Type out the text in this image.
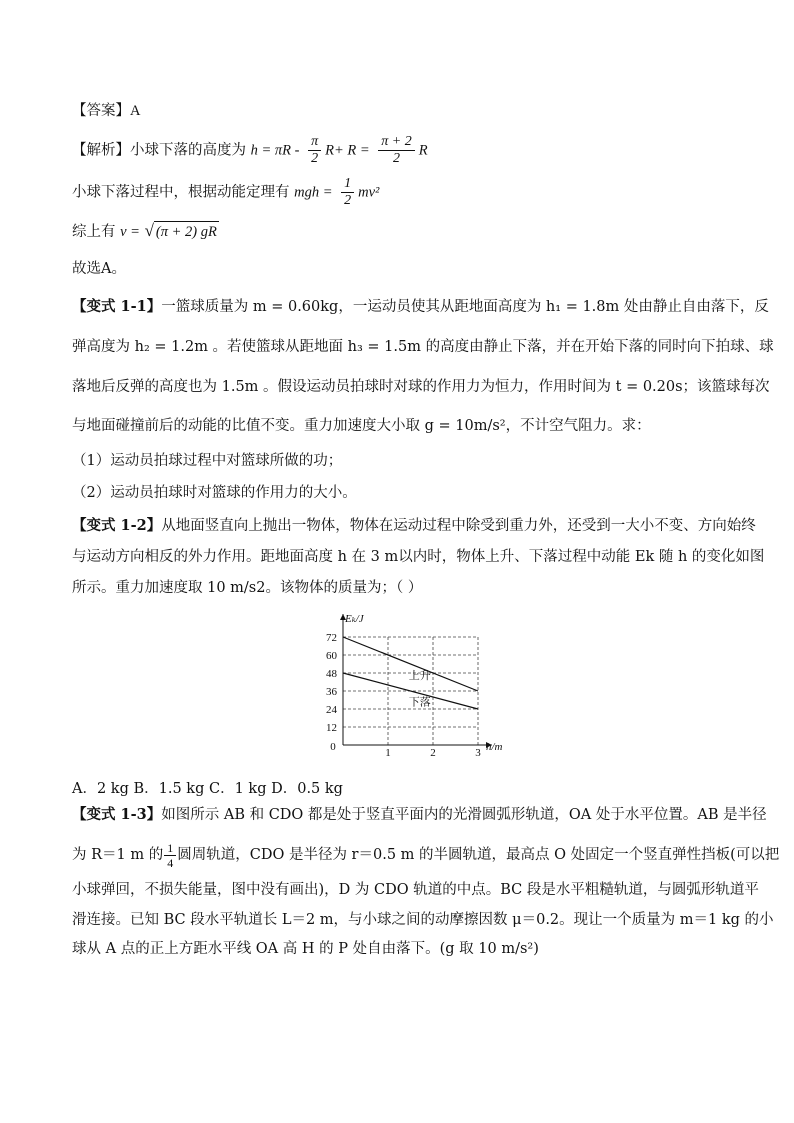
【答案】A
【解析】小球下落的高度为 $h = \pi R - \frac{\pi}{2} R+ R = \frac{\pi + 2}{2}$ R
小球下落过程中，根据动能定理有 mgh = $\frac{1}{2} mv^2$
综上有 v = √ (π + 2) gR
故选A。
【变式 1-1】一篮球质量为 m = 0.60kg，一运动员使其从距地面高度为 h₁ = 1.8m 处由静止自由落下，反
弹高度为 h₂ = 1.2m 。若使篮球从距地面 h₃ = 1.5m 的高度由静止下落，并在开始下落的同时向下拍球、球
落地后反弹的高度也为 1.5m 。假设运动员拍球时对球的作用力为恒力，作用时间为 t = 0.20s；该篮球每次
与地面碰撞前后的动能的比值不变。重力加速度大小取 g = 10m/s²，不计空气阻力。求：
（1）运动员拍球过程中对篮球所做的功；
（2）运动员拍球时对篮球的作用力的大小。
【变式 1-2】从地面竖直向上抛出一物体，物体在运动过程中除受到重力外，还受到一大小不变、方向始终
与运动方向相反的外力作用。距地面高度 h 在 3 m以内时，物体上升、下落过程中动能 Ek 随 h 的变化如图
所示。重力加速度取 10 m/s2。该物体的质量为；（ ）
1	2	3
12
24
36
48
60
72
0
Eₖ/J
h/m
上升
下落
A．2 kg B．1.5 kg C．1 kg D．0.5 kg
【变式 1-3】如图所示 AB 和 CDO 都是处于竖直平面内的光滑圆弧形轨道，OA 处于水平位置。AB 是半径
为 R＝1 m 的 $\frac{1}{4}$ 圆周轨道，CDO 是半径为 r＝0.5 m 的半圆轨道，最高点 O 处固定一个竖直弹性挡板(可以把
小球弹回，不损失能量，图中没有画出)，D 为 CDO 轨道的中点。BC 段是水平粗糙轨道，与圆弧形轨道平
滑连接。已知 BC 段水平轨道长 L＝2 m，与小球之间的动摩擦因数 μ＝0.2。现让一个质量为 m＝1 kg 的小
球从 A 点的正上方距水平线 OA 高 H 的 P 处自由落下。(g 取 10 m/s²)
